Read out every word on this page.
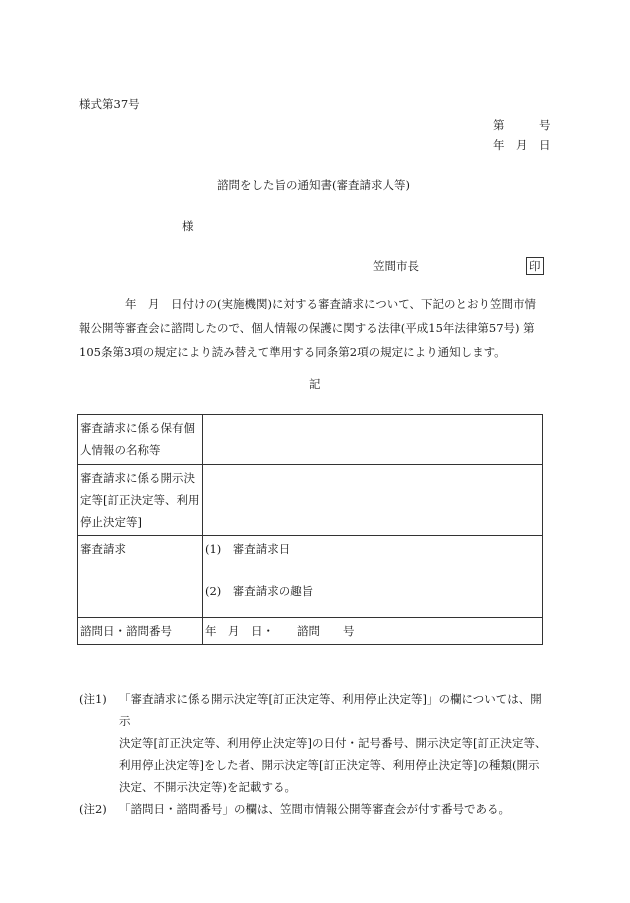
様式第37号
第　　　号
年　月　日
諮問をした旨の通知書(審査請求人等)
様
笠間市長	印
　　　　年　月　日付けの(実施機関)に対する審査請求について、下記のとおり笠間市情
報公開等審査会に諮問したので、個人情報の保護に関する法律(平成15年法律第57号) 第
105条第3項の規定により読み替えて準用する同条第2項の規定により通知します。
記
審査請求に係る保有個
人情報の名称等	

審査請求に係る開示決
定等[訂正決定等、利用
停止決定等]	

審査請求	(1)　審査請求日
(2)　審査請求の趣旨

諮問日・諮問番号	年　月　日・　　諮問　　号
(注1)	「審査請求に係る開示決定等[訂正決定等、利用停止決定等]」の欄については、開示
決定等[訂正決定等、利用停止決定等]の日付・記号番号、開示決定等[訂正決定等、
利用停止決定等]をした者、開示決定等[訂正決定等、利用停止決定等]の種類(開示
決定、不開示決定等)を記載する。
(注2)	「諮問日・諮問番号」の欄は、笠間市情報公開等審査会が付す番号である。
